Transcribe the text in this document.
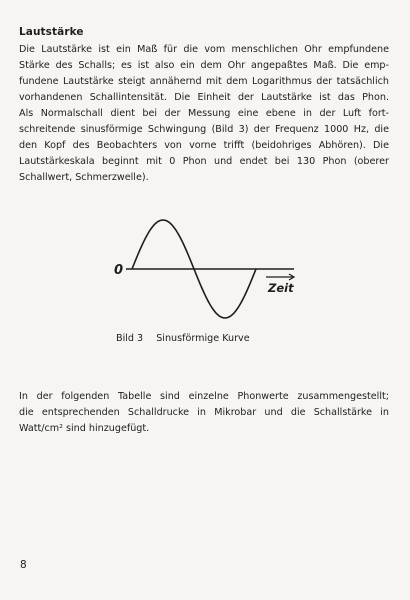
Lautstärke

Die Lautstärke ist ein Maß für die vom menschlichen Ohr empfundene
Stärke des Schalls; es ist also ein dem Ohr angepaßtes Maß. Die emp-
fundene Lautstärke steigt annähernd mit dem Logarithmus der tatsächlich
vorhandenen Schallintensität. Die Einheit der Lautstärke ist das Phon.
Als Normalschall dient bei der Messung eine ebene in der Luft fort-
schreitende sinusförmige Schwingung (Bild 3) der Frequenz 1000 Hz, die
den Kopf des Beobachters von vorne trifft (beidohriges Abhören). Die
Lautstärkeskala beginnt mit 0 Phon und endet bei 130 Phon (oberer
Schallwert, Schmerzwelle).

0
Zeit
Bild 3 Sinusförmige Kurve

In der folgenden Tabelle sind einzelne Phonwerte zusammengestellt;
die entsprechenden Schalldrucke in Mikrobar und die Schallstärke in
Watt/cm² sind hinzugefügt.

8
